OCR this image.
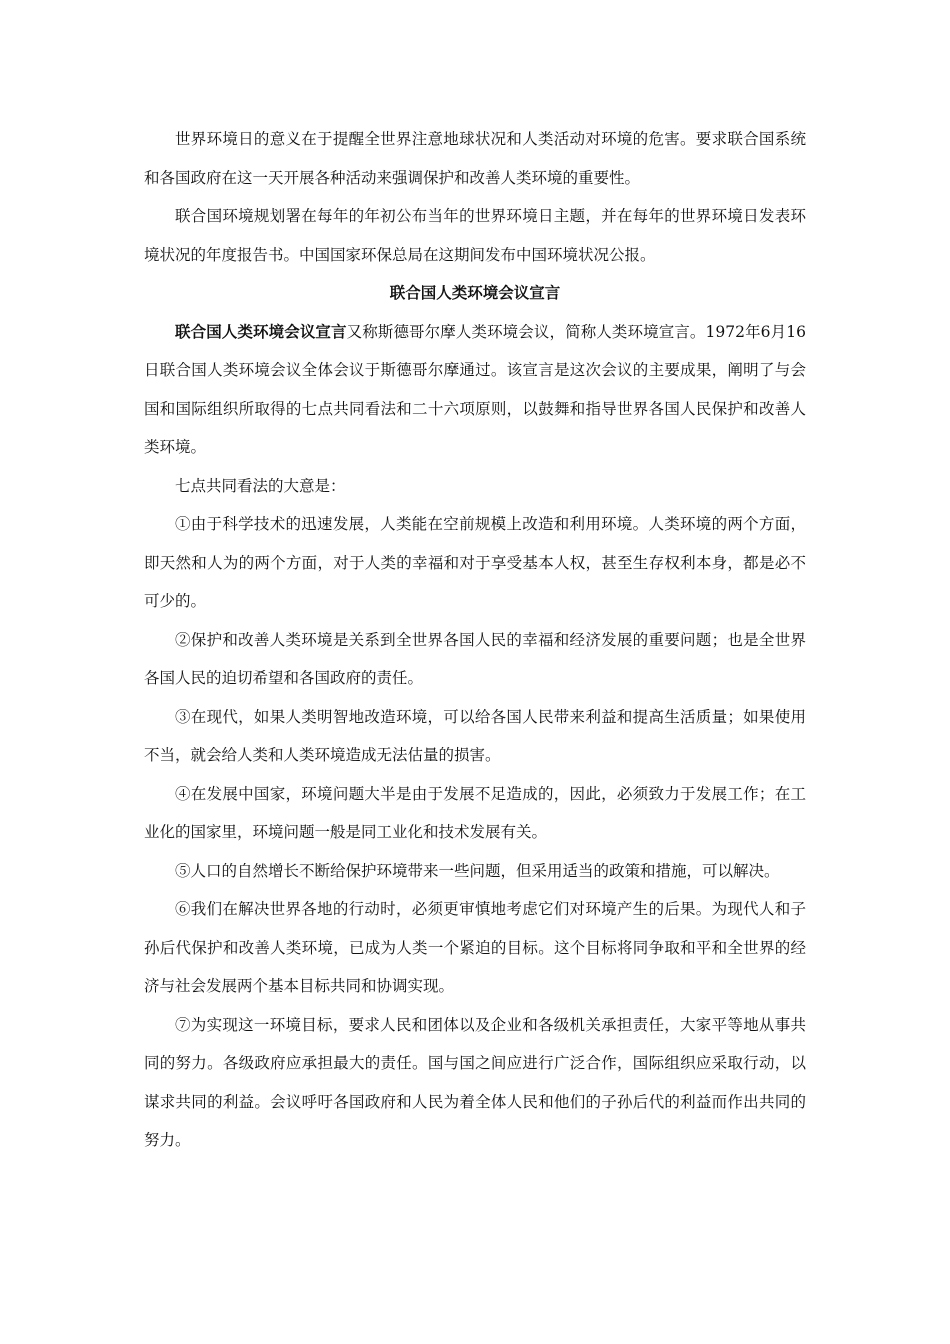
世界环境日的意义在于提醒全世界注意地球状况和人类活动对环境的危害。要求联合国系统和各国政府在这一天开展各种活动来强调保护和改善人类环境的重要性。

联合国环境规划署在每年的年初公布当年的世界环境日主题，并在每年的世界环境日发表环境状况的年度报告书。中国国家环保总局在这期间发布中国环境状况公报。

联合国人类环境会议宣言

联合国人类环境会议宣言又称斯德哥尔摩人类环境会议，简称人类环境宣言。1972年6月16日联合国人类环境会议全体会议于斯德哥尔摩通过。该宣言是这次会议的主要成果，阐明了与会国和国际组织所取得的七点共同看法和二十六项原则，以鼓舞和指导世界各国人民保护和改善人类环境。

七点共同看法的大意是：

①由于科学技术的迅速发展，人类能在空前规模上改造和利用环境。人类环境的两个方面，即天然和人为的两个方面，对于人类的幸福和对于享受基本人权，甚至生存权利本身，都是必不可少的。

②保护和改善人类环境是关系到全世界各国人民的幸福和经济发展的重要问题；也是全世界各国人民的迫切希望和各国政府的责任。

③在现代，如果人类明智地改造环境，可以给各国人民带来利益和提高生活质量；如果使用不当，就会给人类和人类环境造成无法估量的损害。

④在发展中国家，环境问题大半是由于发展不足造成的，因此，必须致力于发展工作；在工业化的国家里，环境问题一般是同工业化和技术发展有关。

⑤人口的自然增长不断给保护环境带来一些问题，但采用适当的政策和措施，可以解决。

⑥我们在解决世界各地的行动时，必须更审慎地考虑它们对环境产生的后果。为现代人和子孙后代保护和改善人类环境，已成为人类一个紧迫的目标。这个目标将同争取和平和全世界的经济与社会发展两个基本目标共同和协调实现。

⑦为实现这一环境目标，要求人民和团体以及企业和各级机关承担责任，大家平等地从事共同的努力。各级政府应承担最大的责任。国与国之间应进行广泛合作，国际组织应采取行动，以谋求共同的利益。会议呼吁各国政府和人民为着全体人民和他们的子孙后代的利益而作出共同的努力。
